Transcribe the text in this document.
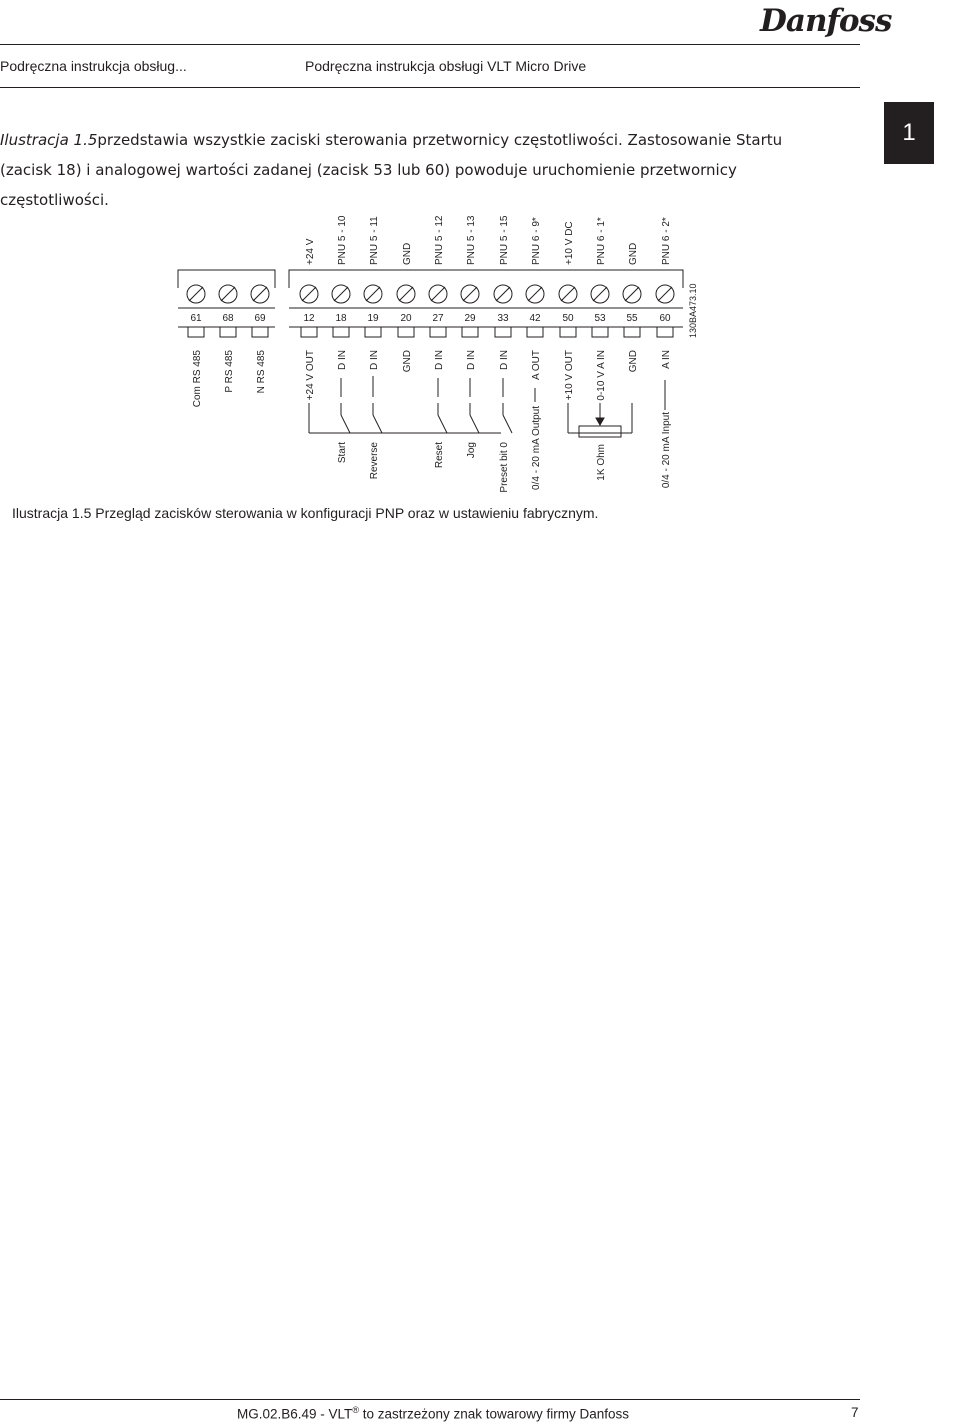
Danfoss
Podręczna instrukcja obsług...	Podręczna instrukcja obsługi VLT Micro Drive
Ilustracja 1.5przedstawia wszystkie zaciski sterowania przetwornicy częstotliwości. Zastosowanie Startu (zacisk 18) i analogowej wartości zadanej (zacisk 53 lub 60) powoduje uruchomienie przetwornicy częstotliwości.
1
+24 V PNU 5 - 10 PNU 5 - 11 GND PNU 5 - 12 PNU 5 - 13 PNU 5 - 15 PNU 6 - 9* +10 V DC PNU 6 - 1* GND PNU 6 - 2*
61 68 69	12 18 19 20 27 29 33 42 50 53 55 60
Com RS 485 P RS 485 N RS 485	+24 V OUT D IN D IN GND D IN D IN D IN A OUT +10 V OUT 0-10 V A IN GND A IN
Start Reverse	Reset Jog Preset bit 0 0/4 - 20 mA Output	1K Ohm	0/4 - 20 mA Input
130BA473.10
Ilustracja 1.5 Przegląd zacisków sterowania w konfiguracji PNP oraz w ustawieniu fabrycznym.
MG.02.B6.49 - VLT® to zastrzeżony znak towarowy firmy Danfoss	7
